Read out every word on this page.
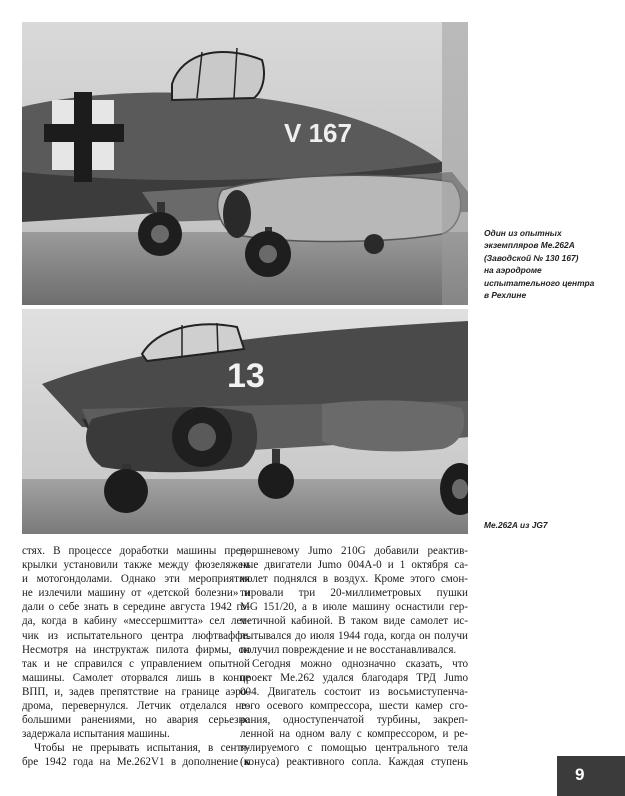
V 167
Один из опытных
экземпляров Me.262A
(Заводской № 130 167)
на аэродроме
испытательного центра
в Рехлине
13
Me.262A из JG7

стях. В процессе доработки машины пред-
крылки установили также между фюзеляжем
и мотогондолами. Однако эти мероприятия
не излечили машину от «детской болезни» и
дали о себе знать в середине августа 1942 го-
да, когда в кабину «мессершмитта» сел лет-
чик из испытательного центра люфтваффе.
Несмотря на инструктаж пилота фирмы, он
так и не справился с управлением опытной
машины. Самолет оторвался лишь в конце
ВПП, и, задев препятствие на границе аэро-
дрома, перевернулся. Летчик отделался не-
большими ранениями, но авария серьезно
задержала испытания машины.

Чтобы не прерывать испытания, в сентя-
бре 1942 года на Me.262V1 в дополнение к

поршневому Jumo 210G добавили реактив-
ные двигатели Jumo 004A-0 и 1 октября са-
молет поднялся в воздух. Кроме этого смон-
тировали три 20-миллиметровых пушки
MG 151/20, а в июле машину оснастили гер-
метичной кабиной. В таком виде самолет ис-
пытывался до июля 1944 года, когда он получи
получил повреждение и не восстанавливался.

Сегодня можно однозначно сказать, что
проект Me.262 удался благодаря ТРД Jumo
004. Двигатель состоит из восьмиступенча-
того осевого компрессора, шести камер сго-
рания, одноступенчатой турбины, закреп-
ленной на одном валу с компрессором, и ре-
гулируемого с помощью центрального тела
(конуса) реактивного сопла. Каждая ступень

9
